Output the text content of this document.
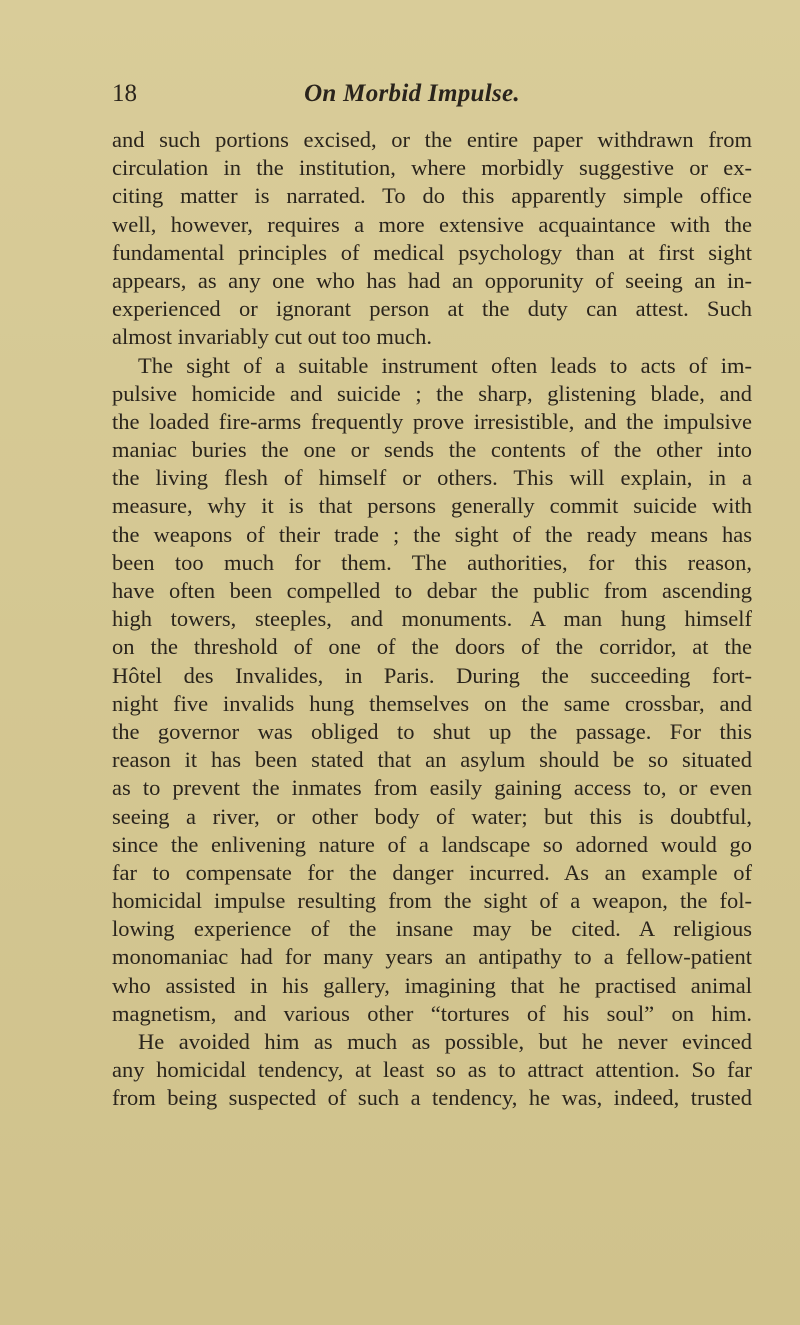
18	On Morbid Impulse.
and such portions excised, or the entire paper withdrawn from
circulation in the institution, where morbidly suggestive or ex-
citing matter is narrated. To do this apparently simple office
well, however, requires a more extensive acquaintance with the
fundamental principles of medical psychology than at first sight
appears, as any one who has had an opporunity of seeing an in-
experienced or ignorant person at the duty can attest. Such
almost invariably cut out too much.
The sight of a suitable instrument often leads to acts of im-
pulsive homicide and suicide ; the sharp, glistening blade, and
the loaded fire-arms frequently prove irresistible, and the impulsive
maniac buries the one or sends the contents of the other into
the living flesh of himself or others. This will explain, in a
measure, why it is that persons generally commit suicide with
the weapons of their trade ; the sight of the ready means has
been too much for them. The authorities, for this reason,
have often been compelled to debar the public from ascending
high towers, steeples, and monuments. A man hung himself
on the threshold of one of the doors of the corridor, at the
Hôtel des Invalides, in Paris. During the succeeding fort-
night five invalids hung themselves on the same crossbar, and
the governor was obliged to shut up the passage. For this
reason it has been stated that an asylum should be so situated
as to prevent the inmates from easily gaining access to, or even
seeing a river, or other body of water; but this is doubtful,
since the enlivening nature of a landscape so adorned would go
far to compensate for the danger incurred. As an example of
homicidal impulse resulting from the sight of a weapon, the fol-
lowing experience of the insane may be cited. A religious
monomaniac had for many years an antipathy to a fellow-patient
who assisted in his gallery, imagining that he practised animal
magnetism, and various other “tortures of his soul” on him.
He avoided him as much as possible, but he never evinced
any homicidal tendency, at least so as to attract attention. So far
from being suspected of such a tendency, he was, indeed, trusted
